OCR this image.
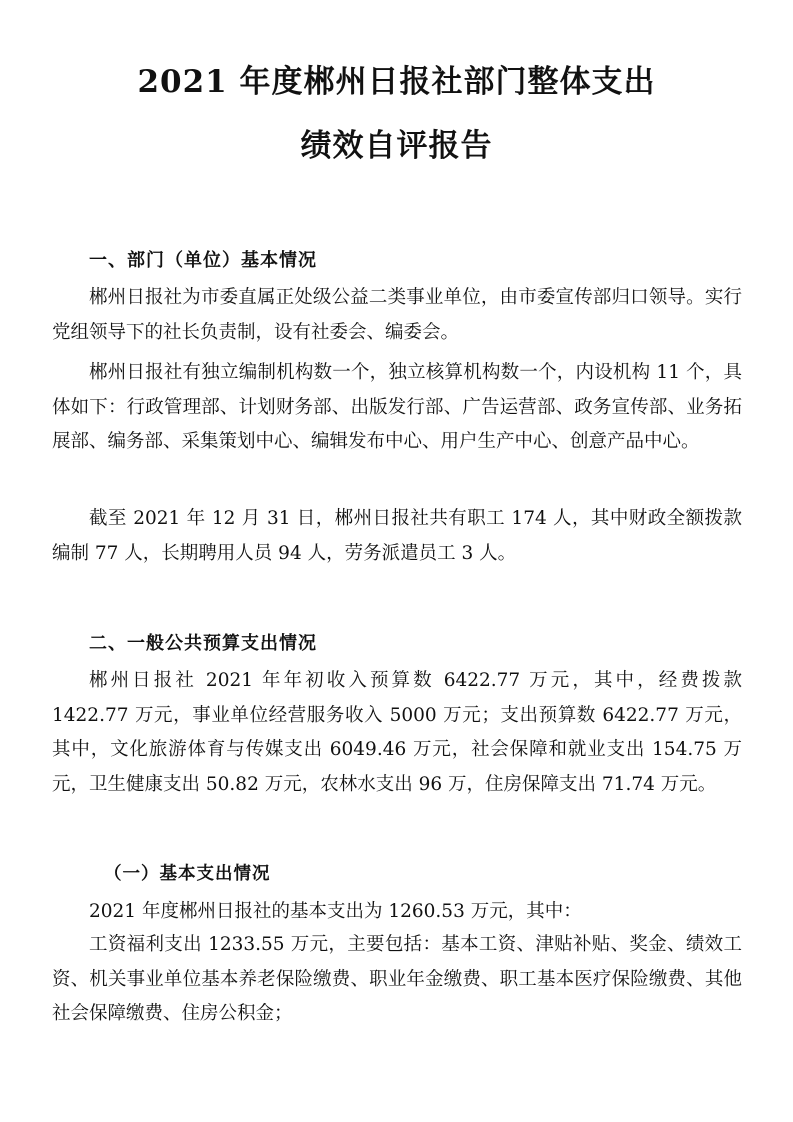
2021 年度郴州日报社部门整体支出
绩效自评报告
一、部门（单位）基本情况
郴州日报社为市委直属正处级公益二类事业单位，由市委宣传部归口领导。实行党组领导下的社长负责制，设有社委会、编委会。
郴州日报社有独立编制机构数一个，独立核算机构数一个，内设机构 11 个，具体如下：行政管理部、计划财务部、出版发行部、广告运营部、政务宣传部、业务拓展部、编务部、采集策划中心、编辑发布中心、用户生产中心、创意产品中心。
截至 2021 年 12 月 31 日，郴州日报社共有职工 174 人，其中财政全额拨款编制 77 人，长期聘用人员 94 人，劳务派遣员工 3 人。
二、一般公共预算支出情况
郴州日报社 2021 年年初收入预算数 6422.77 万元，其中，经费拨款 1422.77 万元，事业单位经营服务收入 5000 万元；支出预算数 6422.77 万元，其中，文化旅游体育与传媒支出 6049.46 万元，社会保障和就业支出 154.75 万元，卫生健康支出 50.82 万元，农林水支出 96 万，住房保障支出 71.74 万元。
（一）基本支出情况
2021 年度郴州日报社的基本支出为 1260.53 万元，其中：
工资福利支出 1233.55 万元，主要包括：基本工资、津贴补贴、奖金、绩效工资、机关事业单位基本养老保险缴费、职业年金缴费、职工基本医疗保险缴费、其他社会保障缴费、住房公积金；
